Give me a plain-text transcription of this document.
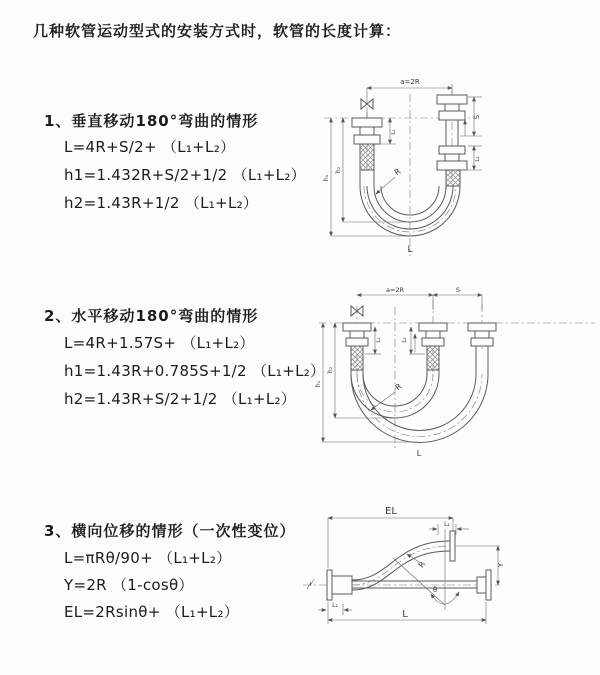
几种软管运动型式的安装方式时，软管的长度计算：
1、垂直移动180°弯曲的情形
L=4R+S/2+ （L₁+L₂）
h1=1.432R+S/2+1/2 （L₁+L₂）
h2=1.43R+1/2 （L₁+L₂）
a=2R
h₁
h₂
L₁
S
L₂
R
L
2、水平移动180°弯曲的情形
L=4R+1.57S+ （L₁+L₂）
h1=1.43R+0.785S+1/2 （L₁+L₂）
h2=1.43R+S/2+1/2 （L₁+L₂）
a=2R	S
h₁
h₂
L₁	L₂
R
L
3、横向位移的情形（一次性变位）
L=πRθ/90+ （L₁+L₂）
Y=2R （1-cosθ）
EL=2Rsinθ+ （L₁+L₂）
EL
L₁
θ
R	Y
L₂
L
